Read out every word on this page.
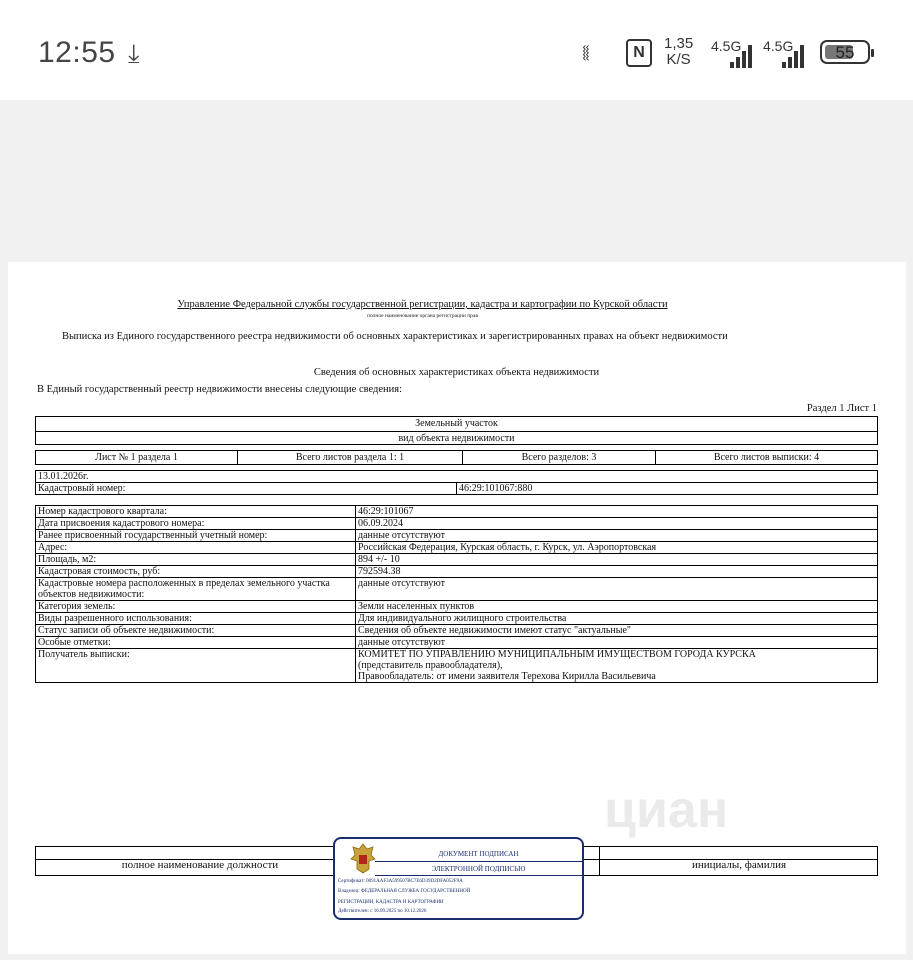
12:55 ⤓	⧛	N
1,35
K/S
4.5G 4.5G	55
Управление Федеральной службы государственной регистрации, кадастра и картографии по Курской области
полное наименование органа регистрации прав
Выписка из Единого государственного реестра недвижимости об основных характеристиках и зарегистрированных правах на объект недвижимости
Сведения об основных характеристиках объекта недвижимости
В Единый государственный реестр недвижимости внесены следующие сведения:
Раздел 1 Лист 1
Земельный участок
вид объекта недвижимости
Лист № 1 раздела 1	Всего листов раздела 1: 1	Всего разделов: 3	Всего листов выписки: 4
13.01.2026г.
Кадастровый номер:	46:29:101067:880
Номер кадастрового квартала:	46:29:101067
Дата присвоения кадастрового номера:	06.09.2024
Ранее присвоенный государственный учетный номер:	данные отсутствуют
Адрес:	Российская Федерация, Курская область, г. Курск, ул. Аэропортовская
Площадь, м2:	894 +/- 10
Кадастровая стоимость, руб:	792594.38
Кадастровые номера расположенных в пределах земельного участка объектов недвижимости:	данные отсутствуют
Категория земель:	Земли населенных пунктов
Виды разрешенного использования:	Для индивидуального жилищного строительства
Статус записи об объекте недвижимости:	Сведения об объекте недвижимости имеют статус "актуальные"
Особые отметки:	данные отсутствуют
Получатель выписки:	КОМИТЕТ ПО УПРАВЛЕНИЮ МУНИЦИПАЛЬНЫМ ИМУЩЕСТВОМ ГОРОДА КУРСКА
(представитель правообладателя),
Правообладатель: от имени заявителя Терехова Кирилла Васильевича
циан
полное наименование должности	инициалы, фамилия
ДОКУМЕНТ ПОДПИСАН
ЭЛЕКТРОННОЙ ПОДПИСЬЮ
Сертификат: 0091AAF3A599507BC7E6D39D2DFA052F9A
Владелец: ФЕДЕРАЛЬНАЯ СЛУЖБА ГОСУДАРСТВЕННОЙ
РЕГИСТРАЦИИ, КАДАСТРА И КАРТОГРАФИИ
Действителен: с 16.09.2025 по 10.12.2026
